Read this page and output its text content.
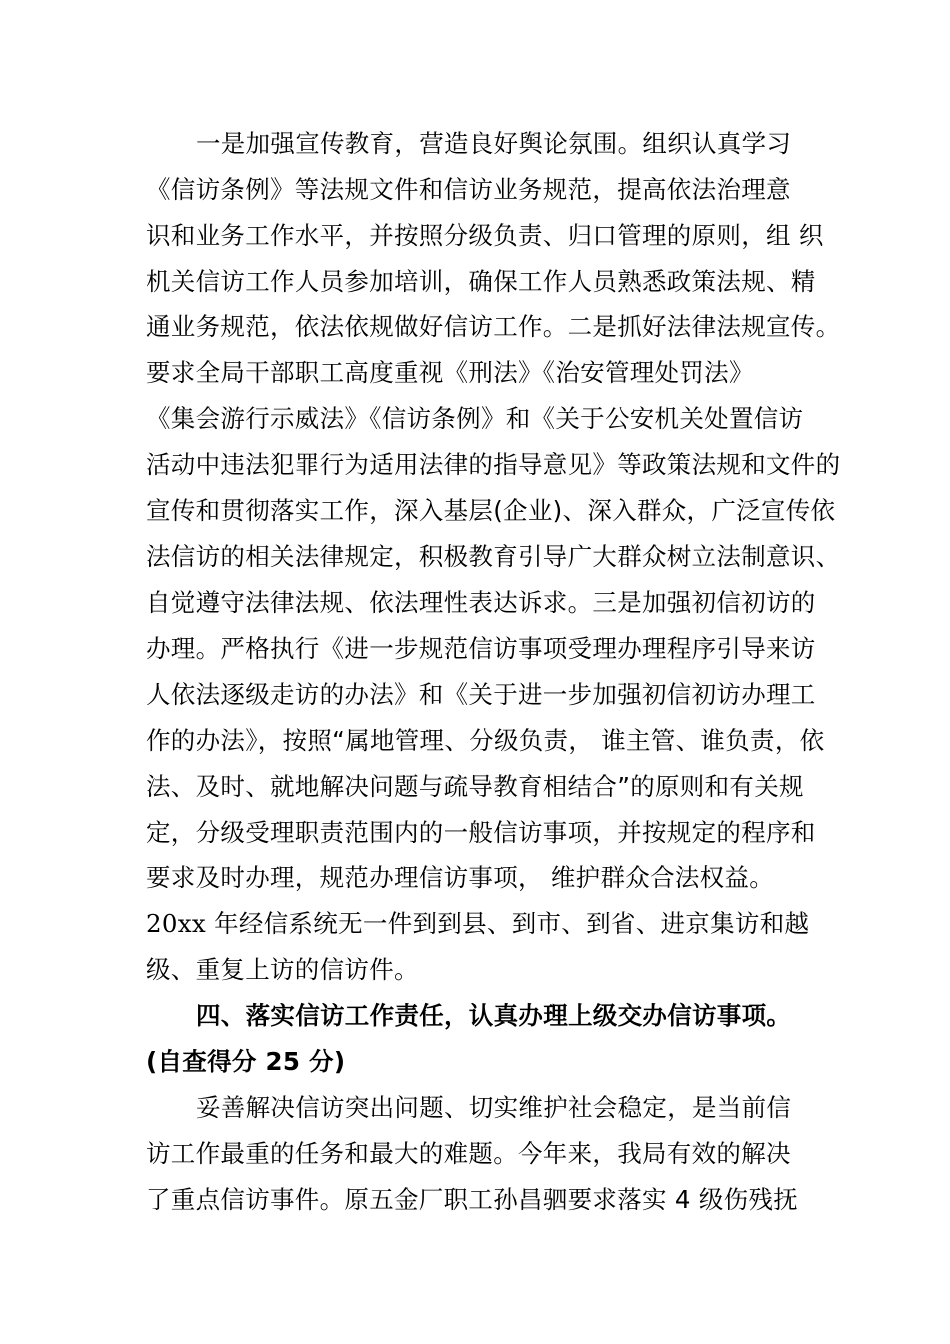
一是加强宣传教育，营造良好舆论氛围。组织认真学习
《信访条例》等法规文件和信访业务规范，提高依法治理意
识和业务工作水平，并按照分级负责、归口管理的原则，组 织
机关信访工作人员参加培训，确保工作人员熟悉政策法规、精
通业务规范，依法依规做好信访工作。二是抓好法律法规宣传。
要求全局干部职工高度重视《刑法》《治安管理处罚法》
《集会游行示威法》《信访条例》和《关于公安机关处置信访
活动中违法犯罪行为适用法律的指导意见》等政策法规和文件的
宣传和贯彻落实工作，深入基层(企业)、深入群众，广泛宣传依
法信访的相关法律规定，积极教育引导广大群众树立法制意识、
自觉遵守法律法规、依法理性表达诉求。三是加强初信初访的
办理。严格执行《进一步规范信访事项受理办理程序引导来访
人依法逐级走访的办法》和《关于进一步加强初信初访办理工
作的办法》，按照“属地管理、分级负责， 谁主管、谁负责，依
法、及时、就地解决问题与疏导教育相结合”的原则和有关规
定，分级受理职责范围内的一般信访事项，并按规定的程序和
要求及时办理，规范办理信访事项， 维护群众合法权益。
20xx 年经信系统无一件到到县、到市、到省、进京集访和越
级、重复上访的信访件。
四、落实信访工作责任，认真办理上级交办信访事项。
(自查得分 25 分)
妥善解决信访突出问题、切实维护社会稳定，是当前信
访工作最重的任务和最大的难题。今年来，我局有效的解决
了重点信访事件。原五金厂职工孙昌驷要求落实 4 级伤残抚
